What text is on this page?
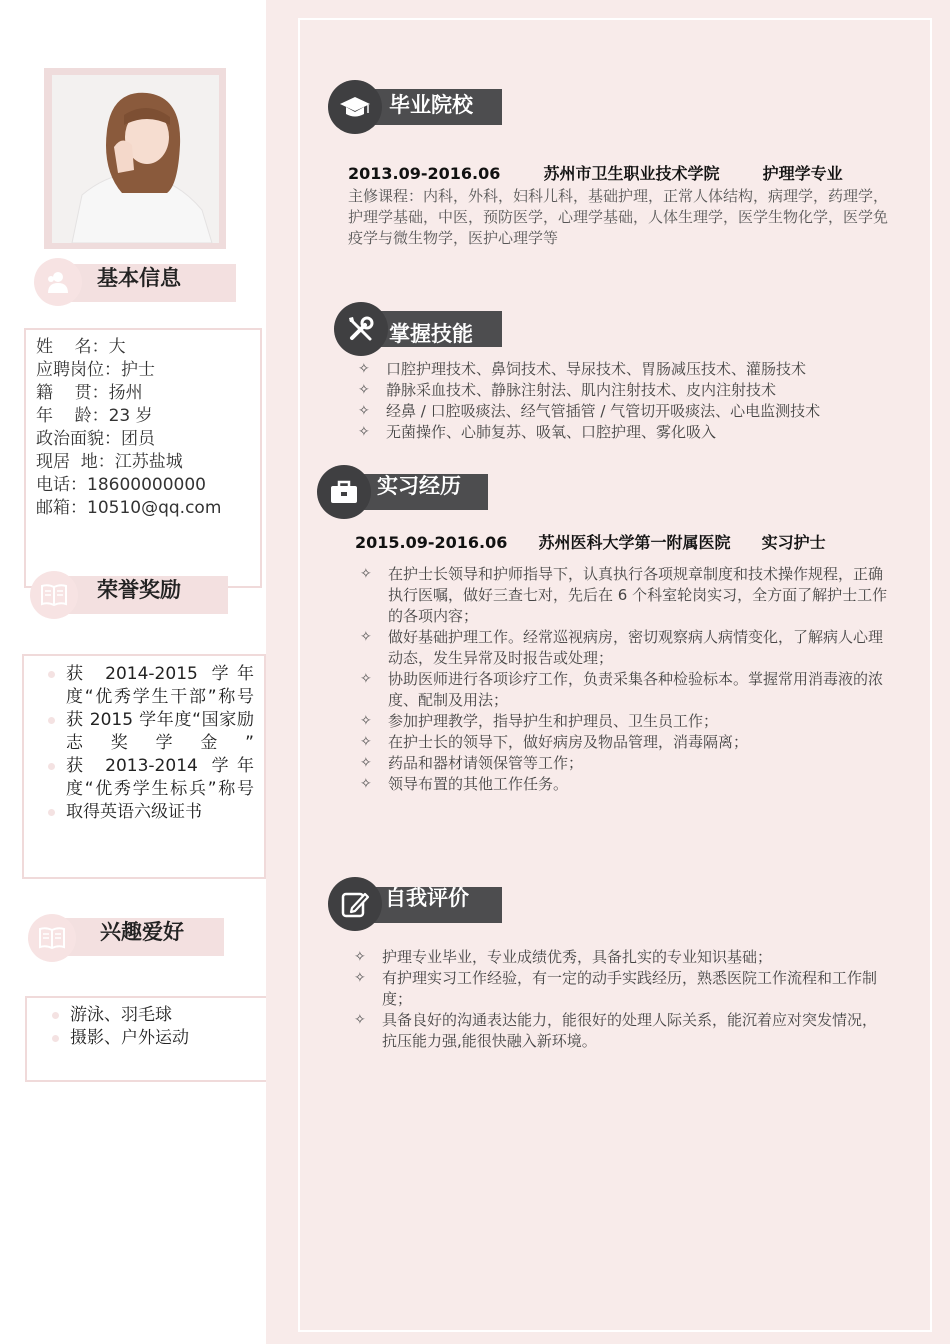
基本信息
姓    名：大
应聘岗位：护士
籍    贯：扬州
年    龄：23 岁
政治面貌：团员
现居  地：江苏盐城
电话：18600000000
邮箱：10510@qq.com
荣誉奖励
获 2014-2015 学年度“优秀学生干部”称号
获 2015 学年度“国家励志奖学金”
获 2013-2014 学年度“优秀学生标兵”称号
取得英语六级证书
兴趣爱好
游泳、羽毛球
摄影、户外运动
毕业院校
2013.09-2016.06	苏州市卫生职业技术学院	护理学专业
主修课程：内科，外科，妇科儿科，基础护理，正常人体结构，病理学，药理学，护理学基础，中医，预防医学，心理学基础，人体生理学，医学生物化学，医学免疫学与微生物学，医护心理学等
掌握技能
✧ 口腔护理技术、鼻饲技术、导尿技术、胃肠减压技术、灌肠技术
✧ 静脉采血技术、静脉注射法、肌内注射技术、皮内注射技术
✧ 经鼻 / 口腔吸痰法、经气管插管 / 气管切开吸痰法、心电监测技术
✧ 无菌操作、心肺复苏、吸氧、口腔护理、雾化吸入
实习经历
2015.09-2016.06 苏州医科大学第一附属医院 实习护士
✧ 在护士长领导和护师指导下，认真执行各项规章制度和技术操作规程，正确执行医嘱，做好三查七对，先后在 6 个科室轮岗实习，全方面了解护士工作的各项内容；
✧ 做好基础护理工作。经常巡视病房，密切观察病人病情变化，了解病人心理动态，发生异常及时报告或处理；
✧ 协助医师进行各项诊疗工作，负责采集各种检验标本。掌握常用消毒液的浓度、配制及用法；
✧ 参加护理教学，指导护生和护理员、卫生员工作；
✧ 在护士长的领导下，做好病房及物品管理，消毒隔离；
✧ 药品和器材请领保管等工作；
✧ 领导布置的其他工作任务。
自我评价
✧ 护理专业毕业，专业成绩优秀，具备扎实的专业知识基础；
✧ 有护理实习工作经验，有一定的动手实践经历，熟悉医院工作流程和工作制度；
✧ 具备良好的沟通表达能力，能很好的处理人际关系，能沉着应对突发情况，抗压能力强,能很快融入新环境。
